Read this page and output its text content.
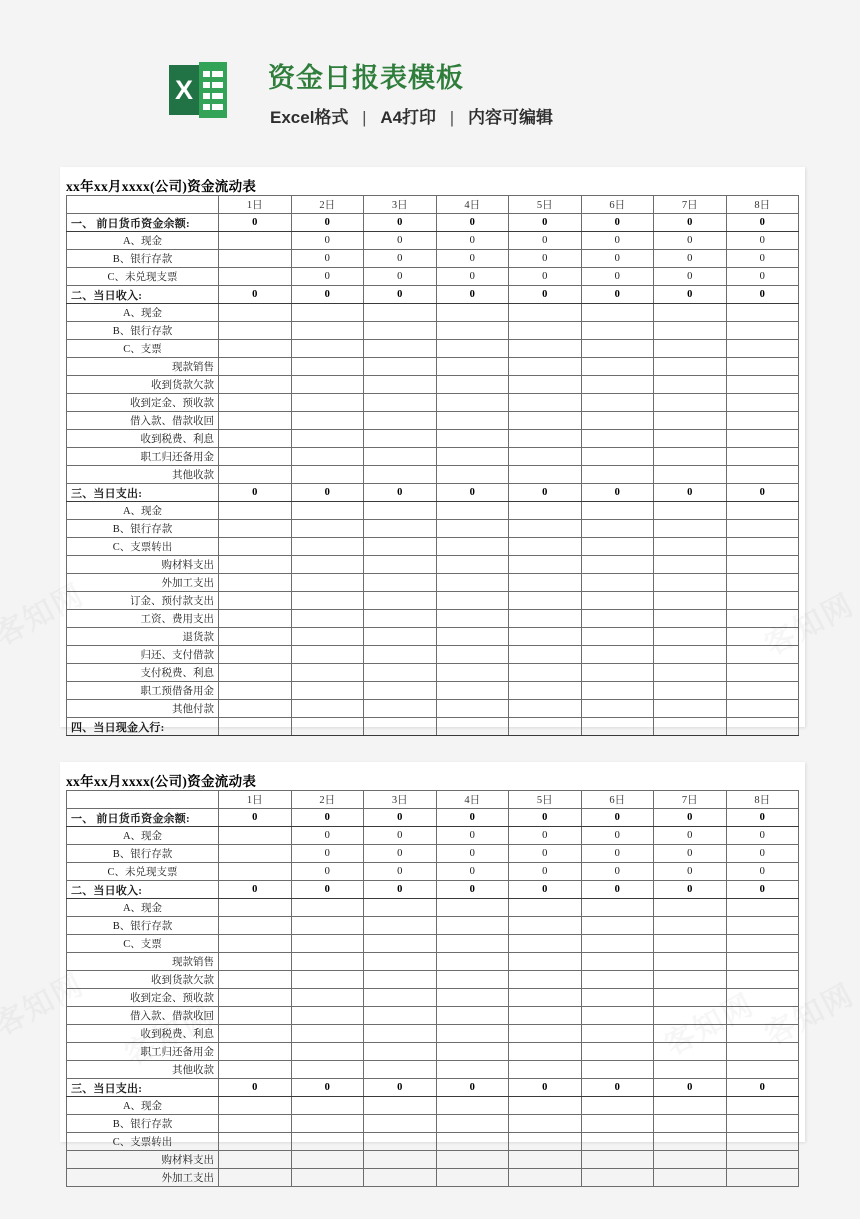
X	资金日报表模板
Excel格式 | A4打印 | 内容可编辑
xx年xx月xxxx(公司)资金流动表
	1日	2日	3日	4日	5日	6日	7日	8日
一、 前日货币资金余额:	0	0	0	0	0	0	0	0
A、现金		0	0	0	0	0	0	0
B、银行存款		0	0	0	0	0	0	0
C、未兑现支票		0	0	0	0	0	0	0
二、当日收入:	0	0	0	0	0	0	0	0
A、现金								
B、银行存款								
C、支票								
现款销售								
收到货款欠款								
收到定金、预收款								
借入款、借款收回								
收到税费、利息								
职工归还备用金								
其他收款								
三、当日支出:	0	0	0	0	0	0	0	0
A、现金								
B、银行存款								
C、支票转出								
购材料支出								
外加工支出								
订金、预付款支出								
工资、费用支出								
退货款								
归还、支付借款								
支付税费、利息								
职工预借备用金								
其他付款								
四、当日现金入行:								
xx年xx月xxxx(公司)资金流动表
	1日	2日	3日	4日	5日	6日	7日	8日
一、 前日货币资金余额:	0	0	0	0	0	0	0	0
A、现金		0	0	0	0	0	0	0
B、银行存款		0	0	0	0	0	0	0
C、未兑现支票		0	0	0	0	0	0	0
二、当日收入:	0	0	0	0	0	0	0	0
A、现金								
B、银行存款								
C、支票								
现款销售								
收到货款欠款								
收到定金、预收款								
借入款、借款收回								
收到税费、利息								
职工归还备用金								
其他收款								
三、当日支出:	0	0	0	0	0	0	0	0
A、现金								
B、银行存款								
C、支票转出								
购材料支出								
外加工支出								
